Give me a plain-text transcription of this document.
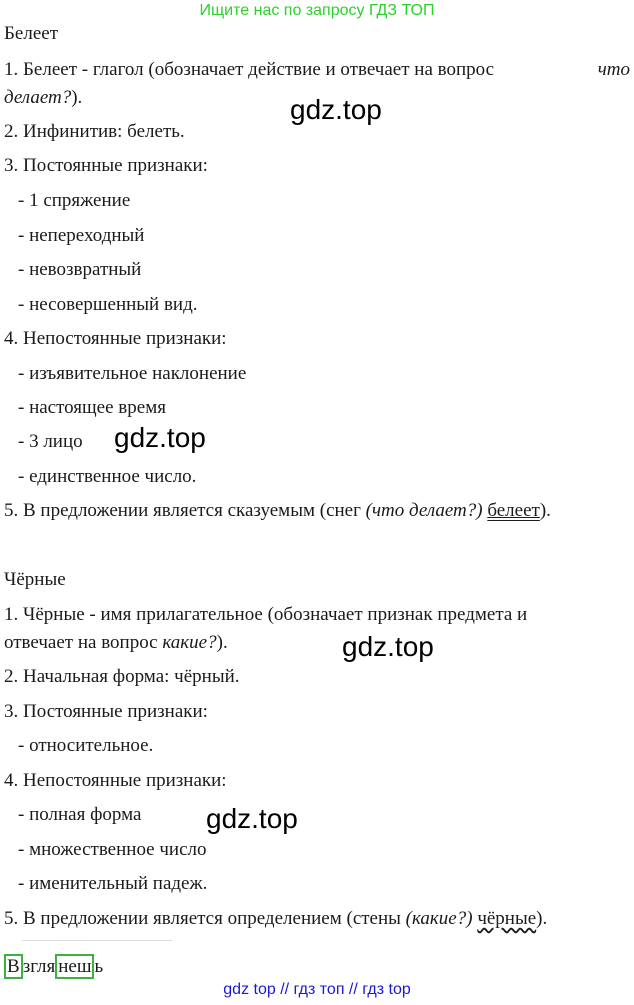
Ищите нас по запросу ГДЗ ТОП
Белеет
1. Белеет - глагол (обозначает действие и отвечает на вопрос	что
делает?).
2. Инфинитив: белеть.
3. Постоянные признаки:
- 1 спряжение
- непереходный
- невозвратный
- несовершенный вид.
4. Непостоянные признаки:
- изъявительное наклонение
- настоящее время
- 3 лицо
- единственное число.
5. В предложении является сказуемым (снег (что делает?) белеет).
Чёрные
1. Чёрные - имя прилагательное (обозначает признак предмета и
отвечает на вопрос какие?).
2. Начальная форма: чёрный.
3. Постоянные признаки:
- относительное.
4. Непостоянные признаки:
- полная форма
- множественное число
- именительный падеж.
5. В предложении является определением (стены (какие?) чёрные).
В згля неш ь
gdz.top
gdz.top
gdz.top
gdz.top
gdz top // гдз топ // гдз top
